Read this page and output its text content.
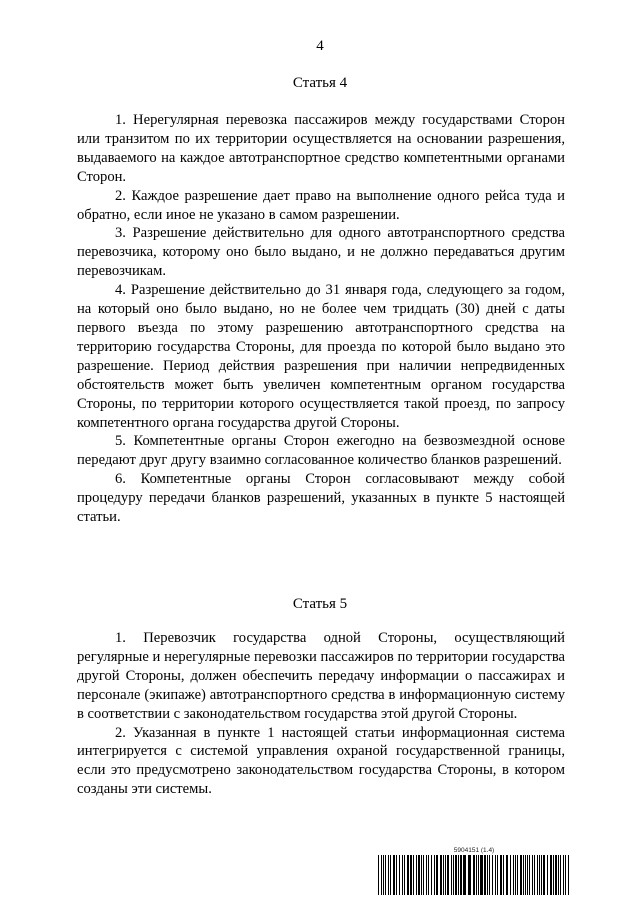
4
Статья 4

1. Нерегулярная перевозка пассажиров между государствами Сторон или транзитом по их территории осуществляется на основании разрешения, выдаваемого на каждое автотранспортное средство компетентными органами Сторон.

2. Каждое разрешение дает право на выполнение одного рейса туда и обратно, если иное не указано в самом разрешении.

3. Разрешение действительно для одного автотранспортного средства перевозчика, которому оно было выдано, и не должно передаваться другим перевозчикам.

4. Разрешение действительно до 31 января года, следующего за годом, на который оно было выдано, но не более чем тридцать (30) дней с даты первого въезда по этому разрешению автотранспортного средства на территорию государства Стороны, для проезда по которой было выдано это разрешение. Период действия разрешения при наличии непредвиденных обстоятельств может быть увеличен компетентным органом государства Стороны, по территории которого осуществляется такой проезд, по запросу компетентного органа государства другой Стороны.

5. Компетентные органы Сторон ежегодно на безвозмездной основе передают друг другу взаимно согласованное количество бланков разрешений.

6. Компетентные органы Сторон согласовывают между собой процедуру передачи бланков разрешений, указанных в пункте 5 настоящей статьи.

Статья 5

1. Перевозчик государства одной Стороны, осуществляющий регулярные и нерегулярные перевозки пассажиров по территории государства другой Стороны, должен обеспечить передачу информации о пассажирах и персонале (экипаже) автотранспортного средства в информационную систему в соответствии с законодательством государства этой другой Стороны.

2. Указанная в пункте 1 настоящей статьи информационная система интегрируется с системой управления охраной государственной границы, если это предусмотрено законодательством государства Стороны, в котором созданы эти системы.

5904151 (1.4)
